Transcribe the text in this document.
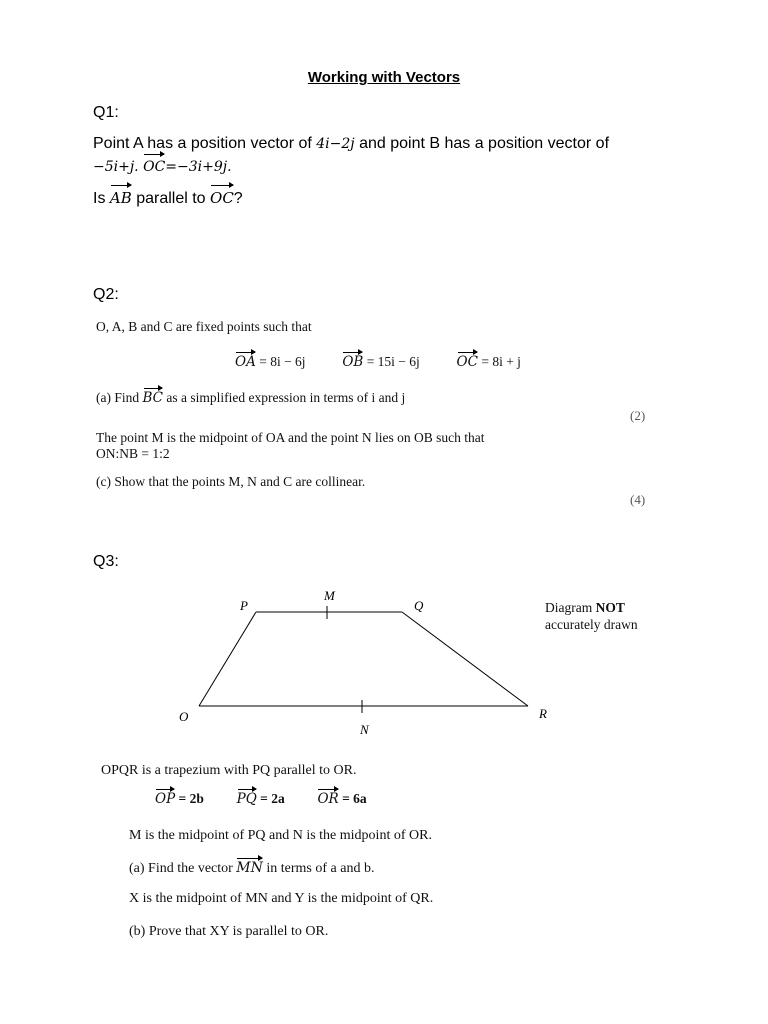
Working with Vectors
Q1:
Point A has a position vector of 4i−2j and point B has a position vector of
−5i+j. OC=−3i+9j.
Is AB parallel to OC?
Q2:
O, A, B and C are fixed points such that
OA = 8i − 6j	OB = 15i − 6j	OC = 8i + j
(a) Find BC as a simplified expression in terms of i and j
(2)
The point M is the midpoint of OA and the point N lies on OB such that
ON:NB = 1:2
(c) Show that the points M, N and C are collinear.
(4)
Q3:
P
M
Q
O
N
R
Diagram NOT
accurately drawn
OPQR is a trapezium with PQ parallel to OR.
OP = 2b PQ = 2a OR = 6a
M is the midpoint of PQ and N is the midpoint of OR.
(a) Find the vector MN in terms of a and b.
X is the midpoint of MN and Y is the midpoint of QR.
(b) Prove that XY is parallel to OR.
